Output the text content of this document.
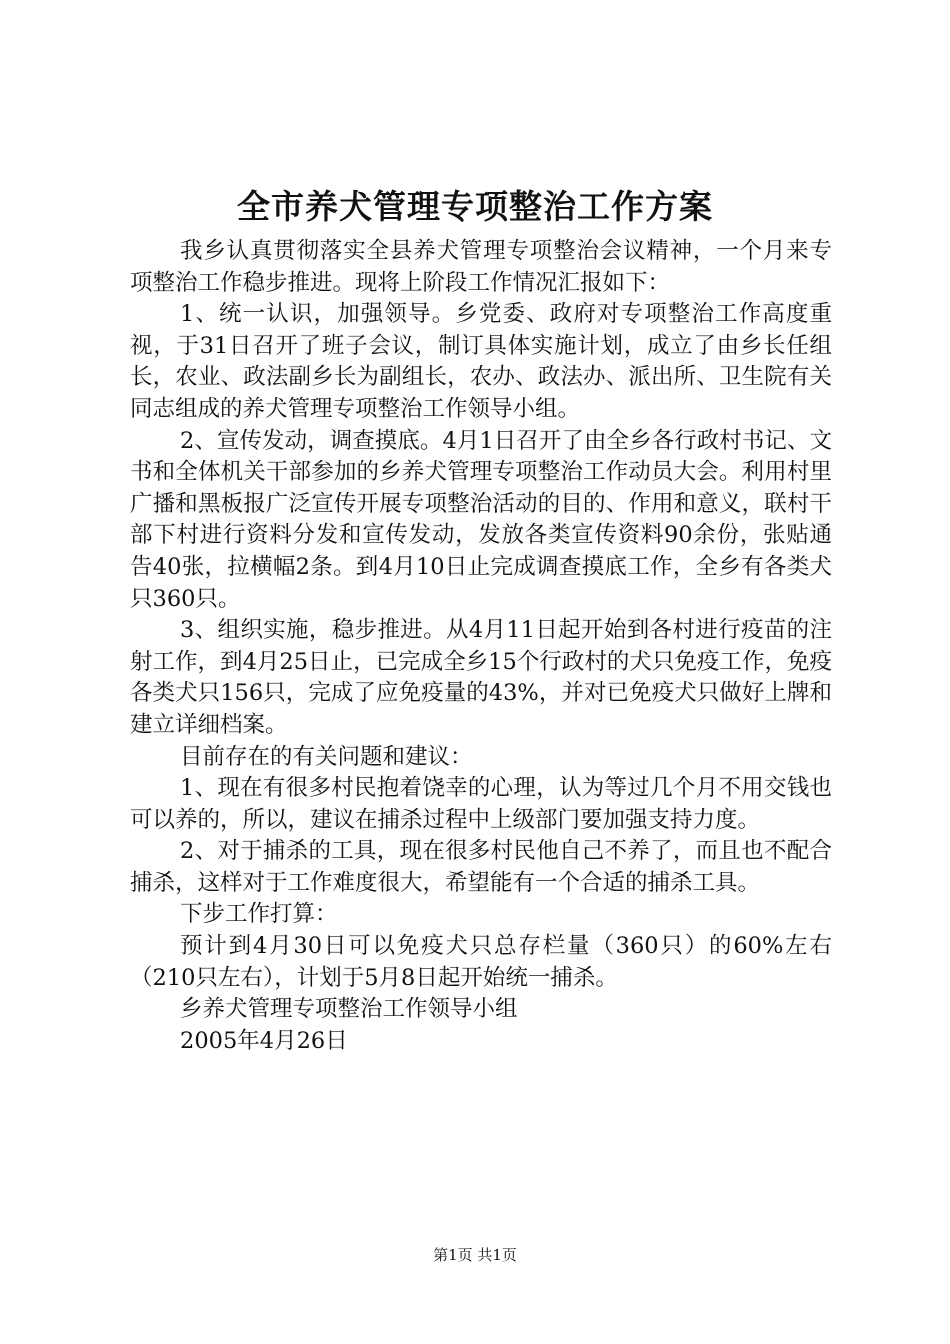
全市养犬管理专项整治工作方案

我乡认真贯彻落实全县养犬管理专项整治会议精神，一个月来专项整治工作稳步推进。现将上阶段工作情况汇报如下：

1、统一认识，加强领导。乡党委、政府对专项整治工作高度重视，于31日召开了班子会议，制订具体实施计划，成立了由乡长任组长，农业、政法副乡长为副组长，农办、政法办、派出所、卫生院有关同志组成的养犬管理专项整治工作领导小组。

2、宣传发动，调查摸底。4月1日召开了由全乡各行政村书记、文书和全体机关干部参加的乡养犬管理专项整治工作动员大会。利用村里广播和黑板报广泛宣传开展专项整治活动的目的、作用和意义，联村干部下村进行资料分发和宣传发动，发放各类宣传资料90余份，张贴通告40张，拉横幅2条。到4月10日止完成调查摸底工作，全乡有各类犬只360只。

3、组织实施，稳步推进。从4月11日起开始到各村进行疫苗的注射工作，到4月25日止，已完成全乡15个行政村的犬只免疫工作，免疫各类犬只156只，完成了应免疫量的43%，并对已免疫犬只做好上牌和建立详细档案。

目前存在的有关问题和建议：

1、现在有很多村民抱着饶幸的心理，认为等过几个月不用交钱也可以养的，所以，建议在捕杀过程中上级部门要加强支持力度。

2、对于捕杀的工具，现在很多村民他自己不养了，而且也不配合捕杀，这样对于工作难度很大，希望能有一个合适的捕杀工具。

下步工作打算：

预计到4月30日可以免疫犬只总存栏量（360只）的60%左右（210只左右），计划于5月8日起开始统一捕杀。

乡养犬管理专项整治工作领导小组

2005年4月26日

第1页 共1页
